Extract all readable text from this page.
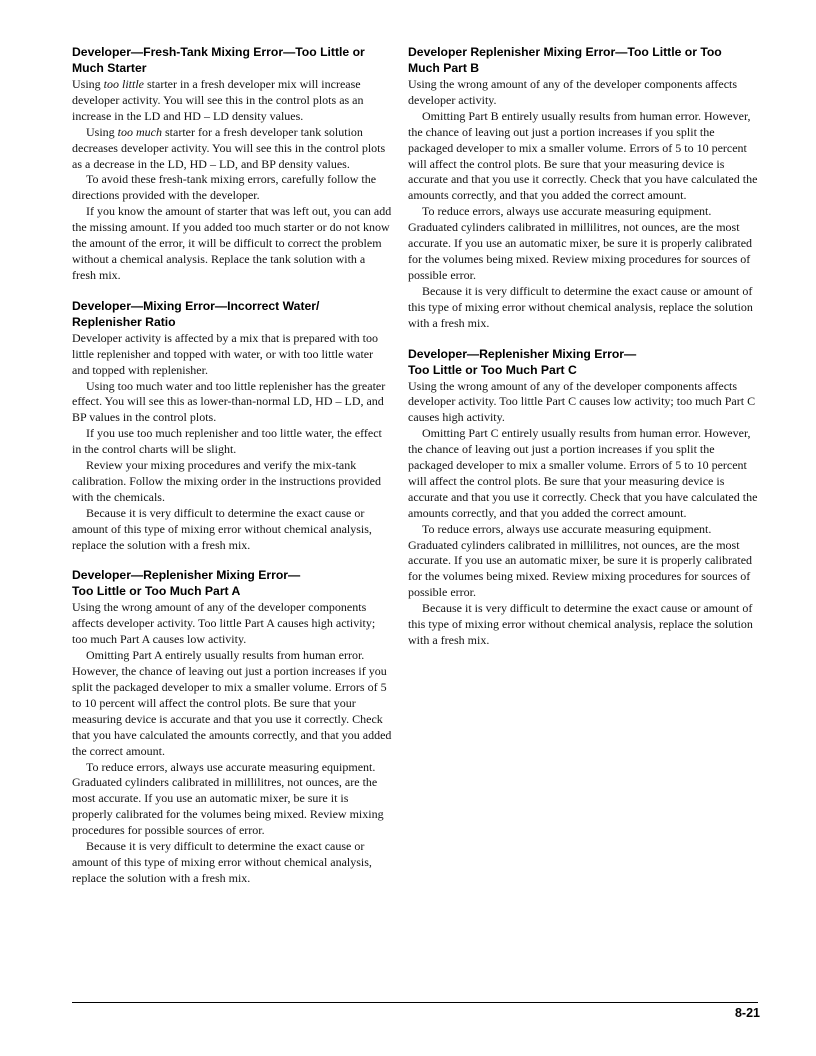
Developer—Fresh-Tank Mixing Error—Too Little or
Much Starter

Using too little starter in a fresh developer mix will increase developer activity. You will see this in the control plots as an increase in the LD and HD – LD density values.

Using too much starter for a fresh developer tank solution decreases developer activity. You will see this in the control plots as a decrease in the LD, HD – LD, and BP density values.

To avoid these fresh-tank mixing errors, carefully follow the directions provided with the developer.

If you know the amount of starter that was left out, you can add the missing amount. If you added too much starter or do not know the amount of the error, it will be difficult to correct the problem without a chemical analysis. Replace the tank solution with a fresh mix.

Developer—Mixing Error—Incorrect Water/
Replenisher Ratio

Developer activity is affected by a mix that is prepared with too little replenisher and topped with water, or with too little water and topped with replenisher.

Using too much water and too little replenisher has the greater effect. You will see this as lower-than-normal LD, HD – LD, and BP values in the control plots.

If you use too much replenisher and too little water, the effect in the control charts will be slight.

Review your mixing procedures and verify the mix-tank calibration. Follow the mixing order in the instructions provided with the chemicals.

Because it is very difficult to determine the exact cause or amount of this type of mixing error without chemical analysis, replace the solution with a fresh mix.

Developer—Replenisher Mixing Error—
Too Little or Too Much Part A

Using the wrong amount of any of the developer components affects developer activity. Too little Part A causes high activity; too much Part A causes low activity.

Omitting Part A entirely usually results from human error. However, the chance of leaving out just a portion increases if you split the packaged developer to mix a smaller volume. Errors of 5 to 10 percent will affect the control plots. Be sure that your measuring device is accurate and that you use it correctly. Check that you have calculated the amounts correctly, and that you added the correct amount.

To reduce errors, always use accurate measuring equipment. Graduated cylinders calibrated in millilitres, not ounces, are the most accurate. If you use an automatic mixer, be sure it is properly calibrated for the volumes being mixed. Review mixing procedures for possible sources of error.

Because it is very difficult to determine the exact cause or amount of this type of mixing error without chemical analysis, replace the solution with a fresh mix.

Developer Replenisher Mixing Error—Too Little or Too
Much Part B

Using the wrong amount of any of the developer components affects developer activity.

Omitting Part B entirely usually results from human error. However, the chance of leaving out just a portion increases if you split the packaged developer to mix a smaller volume. Errors of 5 to 10 percent will affect the control plots. Be sure that your measuring device is accurate and that you use it correctly. Check that you have calculated the amounts correctly, and that you added the correct amount.

To reduce errors, always use accurate measuring equipment. Graduated cylinders calibrated in millilitres, not ounces, are the most accurate. If you use an automatic mixer, be sure it is properly calibrated for the volumes being mixed. Review mixing procedures for sources of possible error.

Because it is very difficult to determine the exact cause or amount of this type of mixing error without chemical analysis, replace the solution with a fresh mix.

Developer—Replenisher Mixing Error—
Too Little or Too Much Part C

Using the wrong amount of any of the developer components affects developer activity. Too little Part C causes low activity; too much Part C causes high activity.

Omitting Part C entirely usually results from human error. However, the chance of leaving out just a portion increases if you split the packaged developer to mix a smaller volume. Errors of 5 to 10 percent will affect the control plots. Be sure that your measuring device is accurate and that you use it correctly. Check that you have calculated the amounts correctly, and that you added the correct amount.

To reduce errors, always use accurate measuring equipment. Graduated cylinders calibrated in millilitres, not ounces, are the most accurate. If you use an automatic mixer, be sure it is properly calibrated for the volumes being mixed. Review mixing procedures for sources of possible error.

Because it is very difficult to determine the exact cause or amount of this type of mixing error without chemical analysis, replace the solution with a fresh mix.

8-21
